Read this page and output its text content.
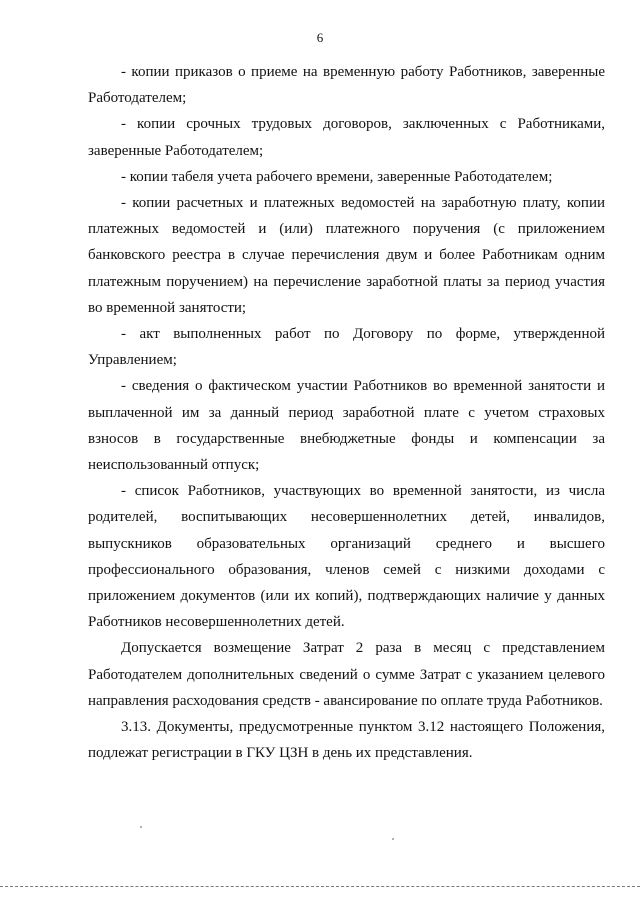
6

- копии приказов о приеме на временную работу Работников, заверенные Работодателем;

- копии срочных трудовых договоров, заключенных с Работниками, заверенные Работодателем;

- копии табеля учета рабочего времени, заверенные Работодателем;

- копии расчетных и платежных ведомостей на заработную плату, копии платежных ведомостей и (или) платежного поручения (с приложением банковского реестра в случае перечисления двум и более Работникам одним платежным поручением) на перечисление заработной платы за период участия во временной занятости;

- акт выполненных работ по Договору по форме, утвержденной Управлением;

- сведения о фактическом участии Работников во временной занятости и выплаченной им за данный период заработной плате с учетом страховых взносов в государственные внебюджетные фонды и компенсации за неиспользованный отпуск;

- список Работников, участвующих во временной занятости, из числа родителей, воспитывающих несовершеннолетних детей, инвалидов, выпускников образовательных организаций среднего и высшего профессионального образования, членов семей с низкими доходами с приложением документов (или их копий), подтверждающих наличие у данных Работников несовершеннолетних детей.

Допускается возмещение Затрат 2 раза в месяц с представлением Работодателем дополнительных сведений о сумме Затрат с указанием целевого направления расходования средств - авансирование по оплате труда Работников.

3.13. Документы, предусмотренные пунктом 3.12 настоящего Положения, подлежат регистрации в ГКУ ЦЗН в день их представления.
